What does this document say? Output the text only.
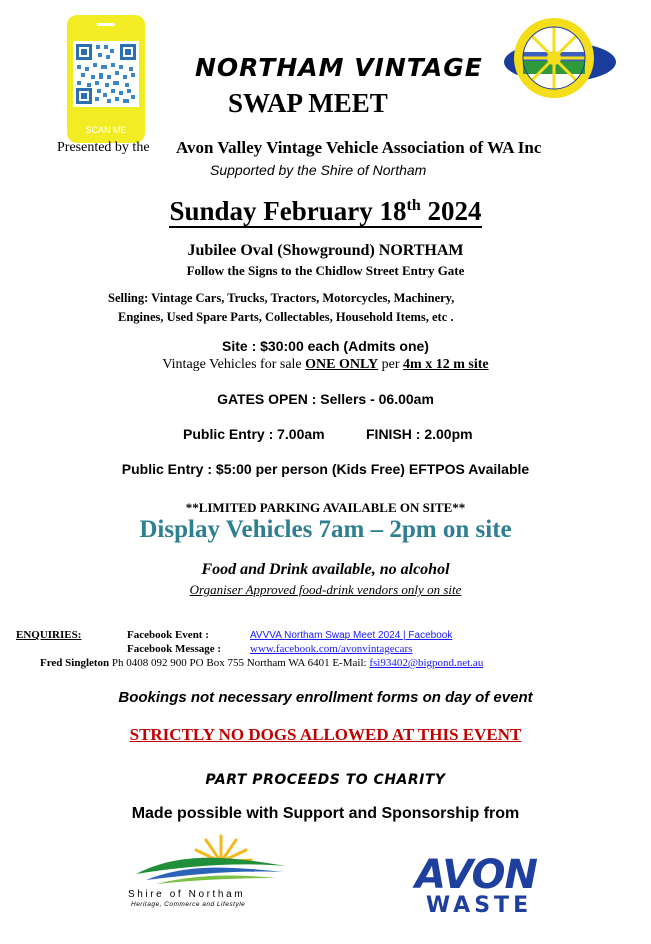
SCAN ME
NORTHAM VINTAGE
SWAP MEET
Presented by the Avon Valley Vintage Vehicle Association of WA Inc
Supported by the Shire of Northam
Sunday February 18th 2024
Jubilee Oval (Showground) NORTHAM
Follow the Signs to the Chidlow Street Entry Gate
Selling: Vintage Cars, Trucks, Tractors, Motorcycles, Machinery,
Engines, Used Spare Parts, Collectables, Household Items, etc .
Site : $30:00 each (Admits one)
Vintage Vehicles for sale ONE ONLY per 4m x 12 m site
GATES OPEN : Sellers - 06.00am
Public Entry : 7.00am	FINISH : 2.00pm
Public Entry : $5:00 per person (Kids Free) EFTPOS Available
**LIMITED PARKING AVAILABLE ON SITE**
Display Vehicles 7am – 2pm on site
Food and Drink available, no alcohol
Organiser Approved food-drink vendors only on site
ENQUIRIES:	Facebook Event :	AVVVA Northam Swap Meet 2024 | Facebook
Facebook Message :	www.facebook.com/avonvintagecars
Fred Singleton Ph 0408 092 900 PO Box 755 Northam WA 6401 E-Mail: fsi93402@bigpond.net.au
Bookings not necessary enrollment forms on day of event
STRICTLY NO DOGS ALLOWED AT THIS EVENT
PART PROCEEDS TO CHARITY
Made possible with Support and Sponsorship from
Shire of Northam
Heritage, Commerce and Lifestyle
AVON
WASTE
